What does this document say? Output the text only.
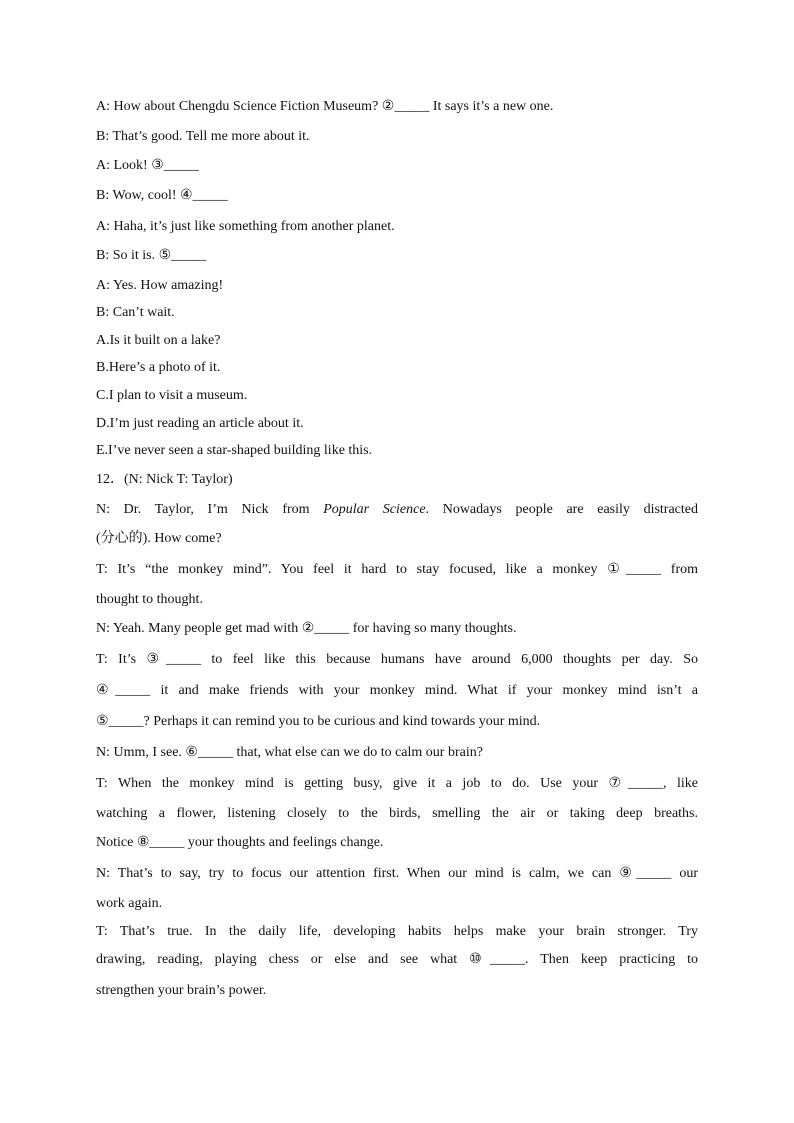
A: How about Chengdu Science Fiction Museum? ②_____ It says it’s a new one.
B: That’s good. Tell me more about it.
A: Look! ③_____
B: Wow, cool! ④_____
A: Haha, it’s just like something from another planet.
B: So it is. ⑤_____
A: Yes. How amazing!
B: Can’t wait.
A.Is it built on a lake?
B.Here’s a photo of it.
C.I plan to visit a museum.
D.I’m just reading an article about it.
E.I’ve never seen a star-shaped building like this.
12．(N: Nick T: Taylor)
N: Dr. Taylor, I’m Nick from Popular Science. Nowadays people are easily distracted
(分心的). How come?
T: It’s “the monkey mind”. You feel it hard to stay focused, like a monkey ①_____ from
thought to thought.
N: Yeah. Many people get mad with ②_____ for having so many thoughts.
T: It’s ③_____ to feel like this because humans have around 6,000 thoughts per day. So
④_____ it and make friends with your monkey mind. What if your monkey mind isn’t a
⑤_____? Perhaps it can remind you to be curious and kind towards your mind.
N: Umm, I see. ⑥_____ that, what else can we do to calm our brain?
T: When the monkey mind is getting busy, give it a job to do. Use your ⑦_____, like
watching a flower, listening closely to the birds, smelling the air or taking deep breaths.
Notice ⑧_____ your thoughts and feelings change.
N: That’s to say, try to focus our attention first. When our mind is calm, we can ⑨_____ our
work again.
T: That’s true. In the daily life, developing habits helps make your brain stronger. Try
drawing, reading, playing chess or else and see what ⑩_____. Then keep practicing to
strengthen your brain’s power.
